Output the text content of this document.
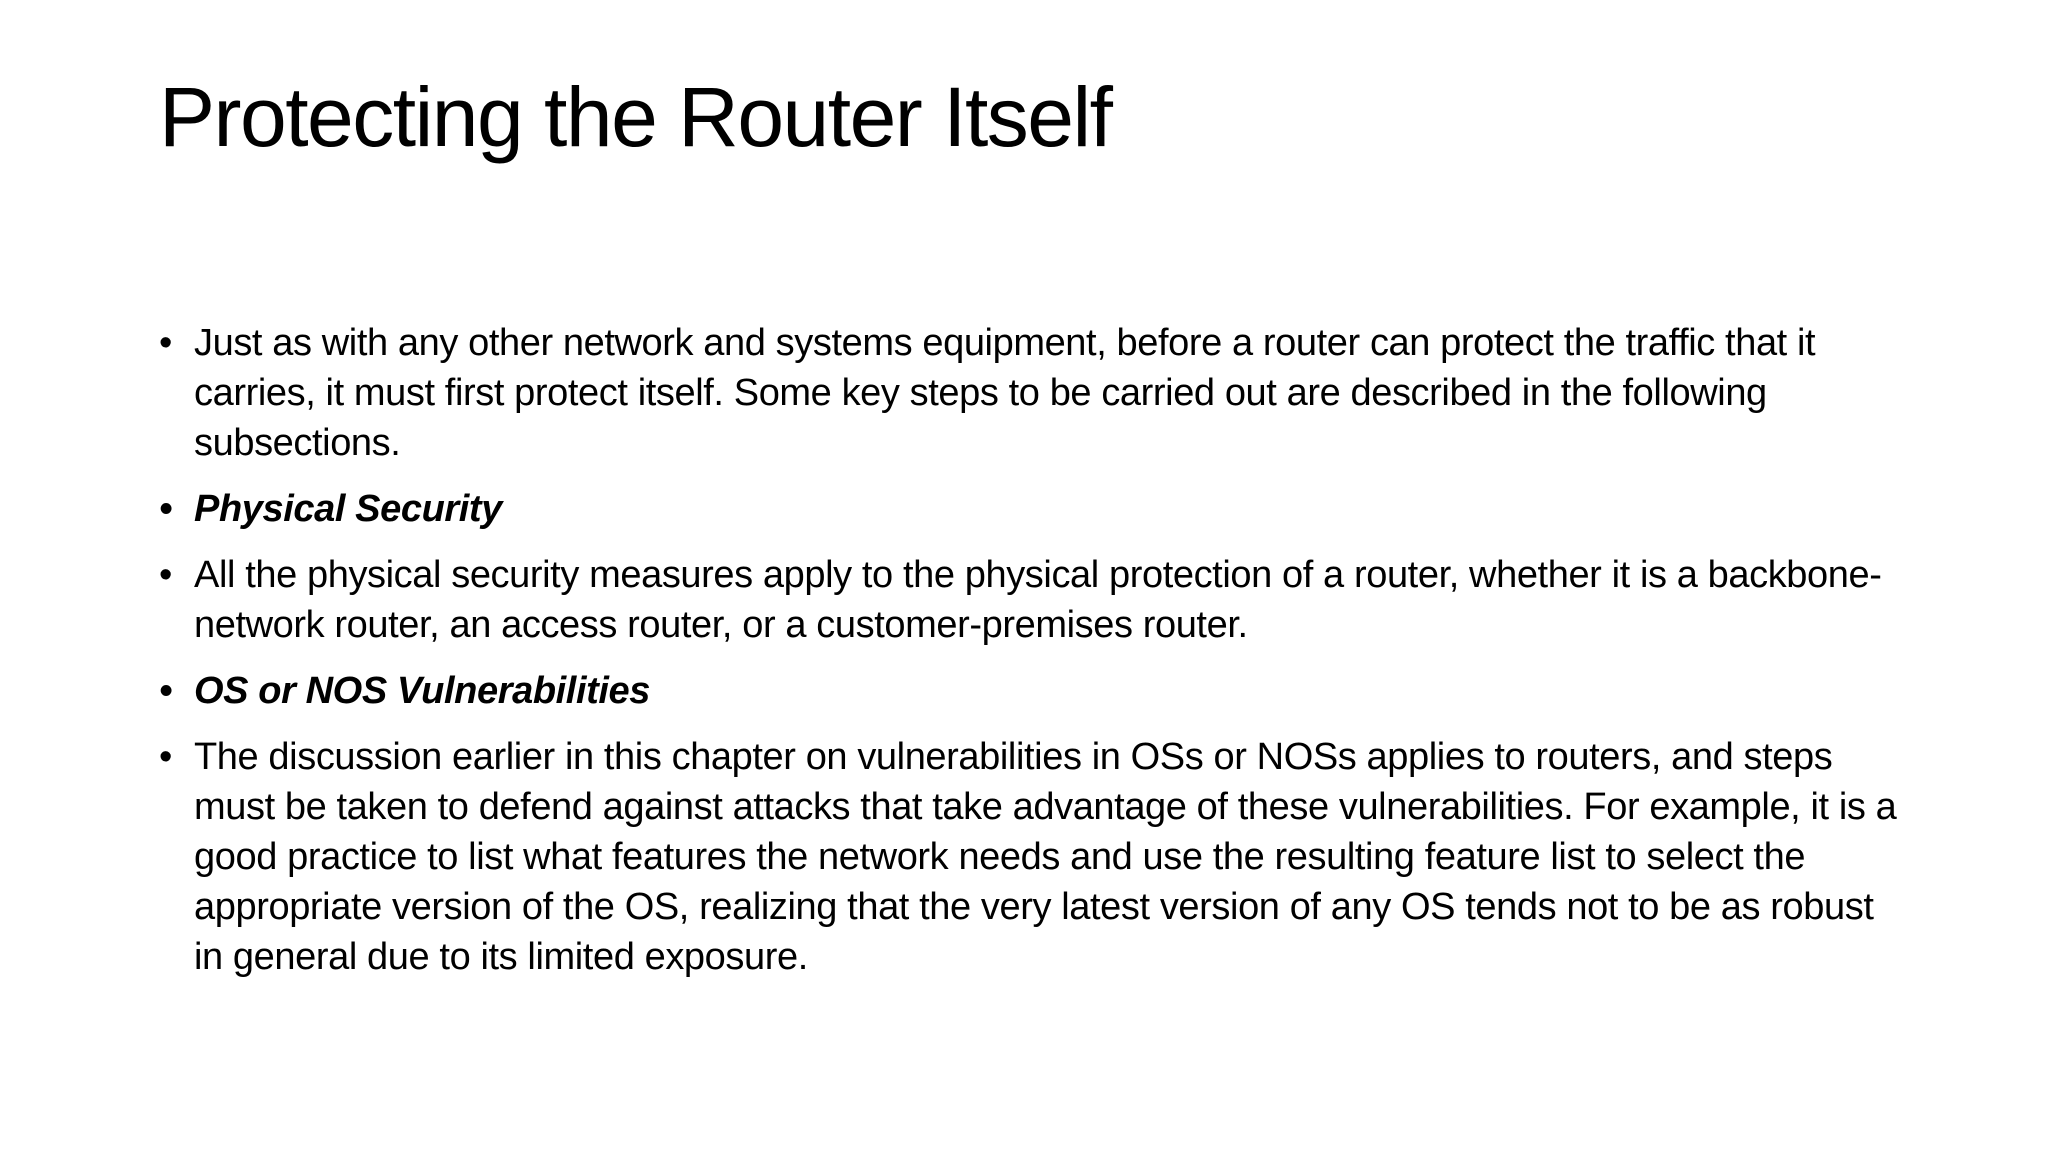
Protecting the Router Itself
• Just as with any other network and systems equipment, before a router can protect the traffic that it carries, it must first protect itself. Some key steps to be carried out are described in the following subsections.
• Physical Security
• All the physical security measures apply to the physical protection of a router, whether it is a backbone-network router, an access router, or a customer-premises router.
• OS or NOS Vulnerabilities
• The discussion earlier in this chapter on vulnerabilities in OSs or NOSs applies to routers, and steps must be taken to defend against attacks that take advantage of these vulnerabilities. For example, it is a good practice to list what features the network needs and use the resulting feature list to select the appropriate version of the OS, realizing that the very latest version of any OS tends not to be as robust in general due to its limited exposure.
